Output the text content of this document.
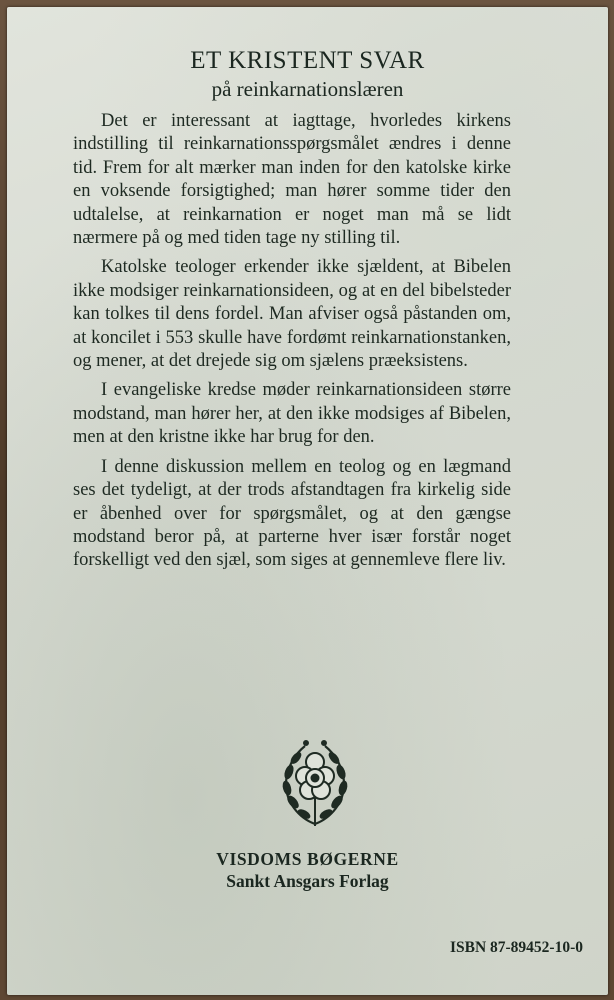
ET KRISTENT SVAR
på reinkarnationslæren

Det er interessant at iagttage, hvorledes kirkens indstilling til reinkarnationsspørgsmålet ændres i denne tid. Frem for alt mærker man inden for den katolske kirke en voksende forsigtighed; man hører somme tider den udtalelse, at reinkarnation er noget man må se lidt nærmere på og med tiden tage ny stilling til.

Katolske teologer erkender ikke sjældent, at Bibelen ikke modsiger reinkarnationsideen, og at en del bibelsteder kan tolkes til dens fordel. Man afviser også påstanden om, at koncilet i 553 skulle have fordømt reinkarnationstanken, og mener, at det drejede sig om sjælens præeksistens.

I evangeliske kredse møder reinkarnationsideen større modstand, man hører her, at den ikke modsiges af Bibelen, men at den kristne ikke har brug for den.

I denne diskussion mellem en teolog og en lægmand ses det tydeligt, at der trods afstandtagen fra kirkelig side er åbenhed over for spørgsmålet, og at den gængse modstand beror på, at parterne hver især forstår noget forskelligt ved den sjæl, som siges at gennemleve flere liv.

VISDOMS BØGERNE
Sankt Ansgars Forlag
ISBN 87-89452-10-0
